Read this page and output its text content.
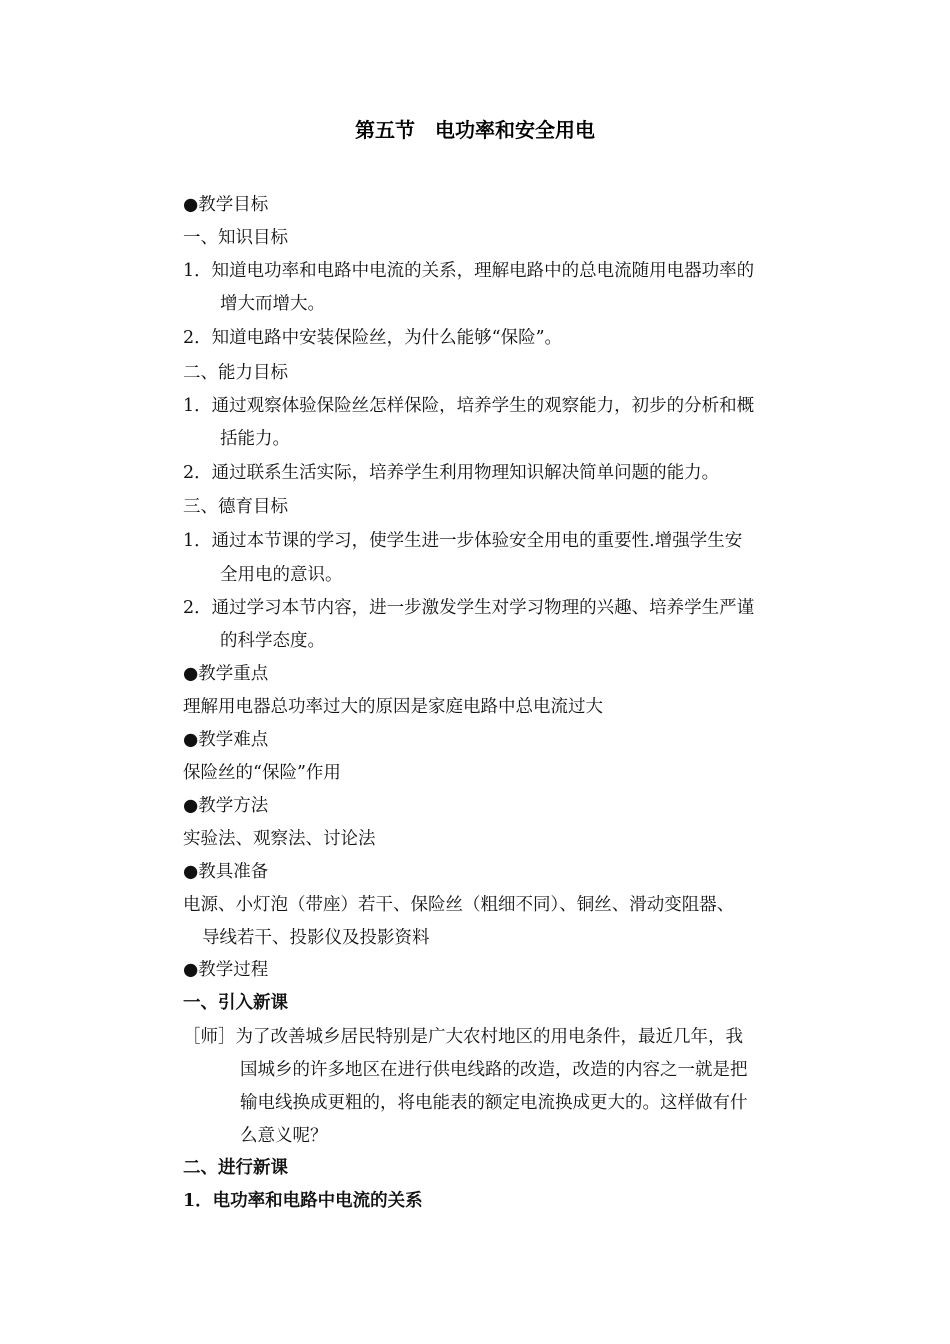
第五节　电功率和安全用电
●教学目标
一、知识目标
1．知道电功率和电路中电流的关系，理解电路中的总电流随用电器功率的
增大而增大。
2．知道电路中安装保险丝，为什么能够“保险”。
二、能力目标
1．通过观察体验保险丝怎样保险，培养学生的观察能力，初步的分析和概
括能力。
2．通过联系生活实际，培养学生利用物理知识解决简单问题的能力。
三、德育目标
1．通过本节课的学习，使学生进一步体验安全用电的重要性.增强学生安
全用电的意识。
2．通过学习本节内容，进一步激发学生对学习物理的兴趣、培养学生严谨
的科学态度。
●教学重点
理解用电器总功率过大的原因是家庭电路中总电流过大
●教学难点
保险丝的“保险”作用
●教学方法
实验法、观察法、讨论法
●教具准备
电源、小灯泡（带座）若干、保险丝（粗细不同）、铜丝、滑动变阻器、
导线若干、投影仪及投影资料
●教学过程
一、引入新课
［师］为了改善城乡居民特别是广大农村地区的用电条件，最近几年，我
国城乡的许多地区在进行供电线路的改造，改造的内容之一就是把
输电线换成更粗的，将电能表的额定电流换成更大的。这样做有什
么意义呢？
二、进行新课
1．电功率和电路中电流的关系
